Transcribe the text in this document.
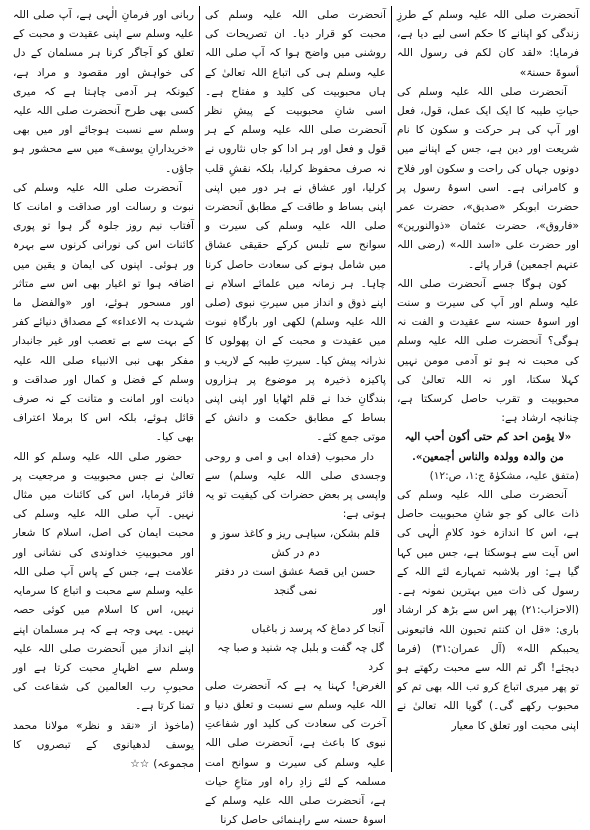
آنحضرت صلی اللہ علیہ وسلم کے طرزِ زندگی کو اپنانے کا حکم اسی لیے دیا ہے، فرمایا: «لقد کان لکم فی رسول اللہ أسوۃ حسنۃ»

آنحضرت صلی اللہ علیہ وسلم کی حیاتِ طیبہ کا ایک ایک عمل، قول، فعل اور آپ کی ہر حرکت و سکون کا نام شریعت اور دین ہے، جس کے اپنانے میں دونوں جہاں کی راحت و سکون اور فلاح و کامرانی ہے۔ اسی اسوۂ رسول پر حضرت ابوبکر «صدیق»، حضرت عمر «فاروق»، حضرت عثمان «ذوالنورین» اور حضرت علی «اسد اللہ» (رضی اللہ عنہم اجمعین) قرار پائے۔

کون ہوگا جسے آنحضرت صلی اللہ علیہ وسلم اور آپ کی سیرت و سنت اور اسوۂ حسنہ سے عقیدت و الفت نہ ہوگی؟ آنحضرت صلی اللہ علیہ وسلم کی محبت نہ ہو تو آدمی مومن نہیں کہلا سکتا، اور نہ اللہ تعالیٰ کی محبوبیت و تقرب حاصل کرسکتا ہے، چنانچہ ارشاد ہے:

«لا یؤمن احد کم حتی أکون أحب الیہ من والدہ وولدہ والناس أجمعین».

(متفق علیہ، مشکوٰۃ ج:۱، ص:۱۲)

آنحضرت صلی اللہ علیہ وسلم کی ذات عالی کو جو شانِ محبوبیت حاصل ہے، اس کا اندازہ خود کلامِ الٰہی کی اس آیت سے ہوسکتا ہے، جس میں کہا گیا ہے: اور بلاشبہ تمہارے لئے اللہ کے رسول کی ذات میں بہترین نمونہ ہے۔ (الاحزاب:۲۱) پھر اس سے بڑھ کر ارشاد باری: «قل ان کنتم تحبون اللہ فاتبعونی یحببکم اللہ» (آل عمران:۳۱) (فرما دیجئے! اگر تم اللہ سے محبت رکھتے ہو تو پھر میری اتباع کرو تب اللہ بھی تم کو محبوب رکھے گی۔) گویا اللہ تعالیٰ نے اپنی محبت اور تعلق کا معیار

آنحضرت صلی اللہ علیہ وسلم کی محبت کو قرار دیا۔ ان تصریحات کی روشنی میں واضح ہوا کہ آپ صلی اللہ علیہ وسلم ہی کی اتباع اللہ تعالیٰ کے ہاں محبوبیت کی کلید و مفتاح ہے۔ اسی شانِ محبوبیت کے پیشِ نظر آنحضرت صلی اللہ علیہ وسلم کے ہر قول و فعل اور ہر ادا کو جاں نثاروں نے نہ صرف محفوظ کرلیا، بلکہ نقشِ قلب کرلیا، اور عشاق نے ہر دور میں اپنی اپنی بساط و طاقت کے مطابق آنحضرت صلی اللہ علیہ وسلم کی سیرت و سوانح سے تلبس کرکے حقیقی عشاق میں شامل ہونے کی سعادت حاصل کرنا چاہا۔ ہر زمانہ میں علمائے اسلام نے اپنے ذوق و انداز میں سیرتِ نبوی (صلی اللہ علیہ وسلم) لکھی اور بارگاہِ نبوت میں عقیدت و محبت کے ان پھولوں کا نذرانہ پیش کیا۔ سیرتِ طیبہ کے لاریب و پاکیزہ ذخیرہ پر موضوع پر ہزاروں بندگانِ خدا نے قلم اٹھایا اور اپنی اپنی بساط کے مطابق حکمت و دانش کے موتی جمع کئے۔

دار محبوب (فداہ ابی و امی و روحی وجسدی صلی اللہ علیہ وسلم) سے واپسی پر بعض حضرات کی کیفیت تو یہ ہوتی ہے:

قلم بشکن، سیاہی ریز و کاغذ سوز و دم در کش

حسن ایں قصۂ عشق است در دفتر نمی گنجد

اور

آنجا کر دماغ کہ پرسد ز باغباں
گل چہ گفت و بلبل چہ شنید و صبا چہ کرد

الغرض! کہنا یہ ہے کہ آنحضرت صلی اللہ علیہ وسلم سے نسبت و تعلق دنیا و آخرت کی سعادت کی کلید اور شفاعتِ نبوی کا باعث ہے، آنحضرت صلی اللہ علیہ وسلم کی سیرت و سوانح امت مسلمہ کے لئے زادِ راہ اور متاعِ حیات ہے، آنحضرت صلی اللہ علیہ وسلم کے اسوۂ حسنہ سے راہنمائی حاصل کرنا

ربانی اور فرمانِ الٰہی ہے، آپ صلی اللہ علیہ وسلم سے اپنی عقیدت و محبت کے تعلق کو آجاگر کرنا ہر مسلمان کے دل کی خواہش اور مقصود و مراد ہے، کیونکہ ہر آدمی چاہتا ہے کہ میری کسی بھی طرح آنحضرت صلی اللہ علیہ وسلم سے نسبت ہوجائے اور میں بھی «خریدارانِ یوسف» میں سے محشور ہو جاؤں۔

آنحضرت صلی اللہ علیہ وسلم کی نبوت و رسالت اور صداقت و امانت کا آفتاب نیم روز جلوہ گر ہوا تو پوری کائنات اس کی نورانی کرنوں سے بہرہ ور ہوئی۔ اپنوں کی ایمان و یقین میں اضافہ ہوا تو اغیار بھی اس سے متاثر اور مسحور ہوئے، اور «والفضل ما شہدت بہ الاعداء» کے مصداق دنیائے کفر کے بہت سے بے تعصب اور غیر جانبدار مفکر بھی نبی الانبیاء صلی اللہ علیہ وسلم کے فضل و کمال اور صداقت و دیانت اور امانت و متانت کے نہ صرف قائل ہوئے، بلکہ اس کا برملا اعتراف بھی کیا۔

حضور صلی اللہ علیہ وسلم کو اللہ تعالیٰ نے جس محبوبیت و مرجعیت پر فائز فرمایا، اس کی کائنات میں مثال نہیں۔ آپ صلی اللہ علیہ وسلم کی محبت ایمان کی اصل، اسلام کا شعار اور محبوبیتِ خداوندی کی نشانی اور علامت ہے، جس کے پاس آپ صلی اللہ علیہ وسلم سے محبت و اتباع کا سرمایہ نہیں، اس کا اسلام میں کوئی حصہ نہیں۔ یہی وجہ ہے کہ ہر مسلمان اپنے اپنے انداز میں آنحضرت صلی اللہ علیہ وسلم سے اظہارِ محبت کرتا ہے اور محبوبِ رب العالمین کی شفاعت کی تمنا کرتا ہے۔

(ماخوذ از «نقد و نظر» مولانا محمد یوسف لدھیانوی کے تبصروں کا مجموعہ)☆☆
